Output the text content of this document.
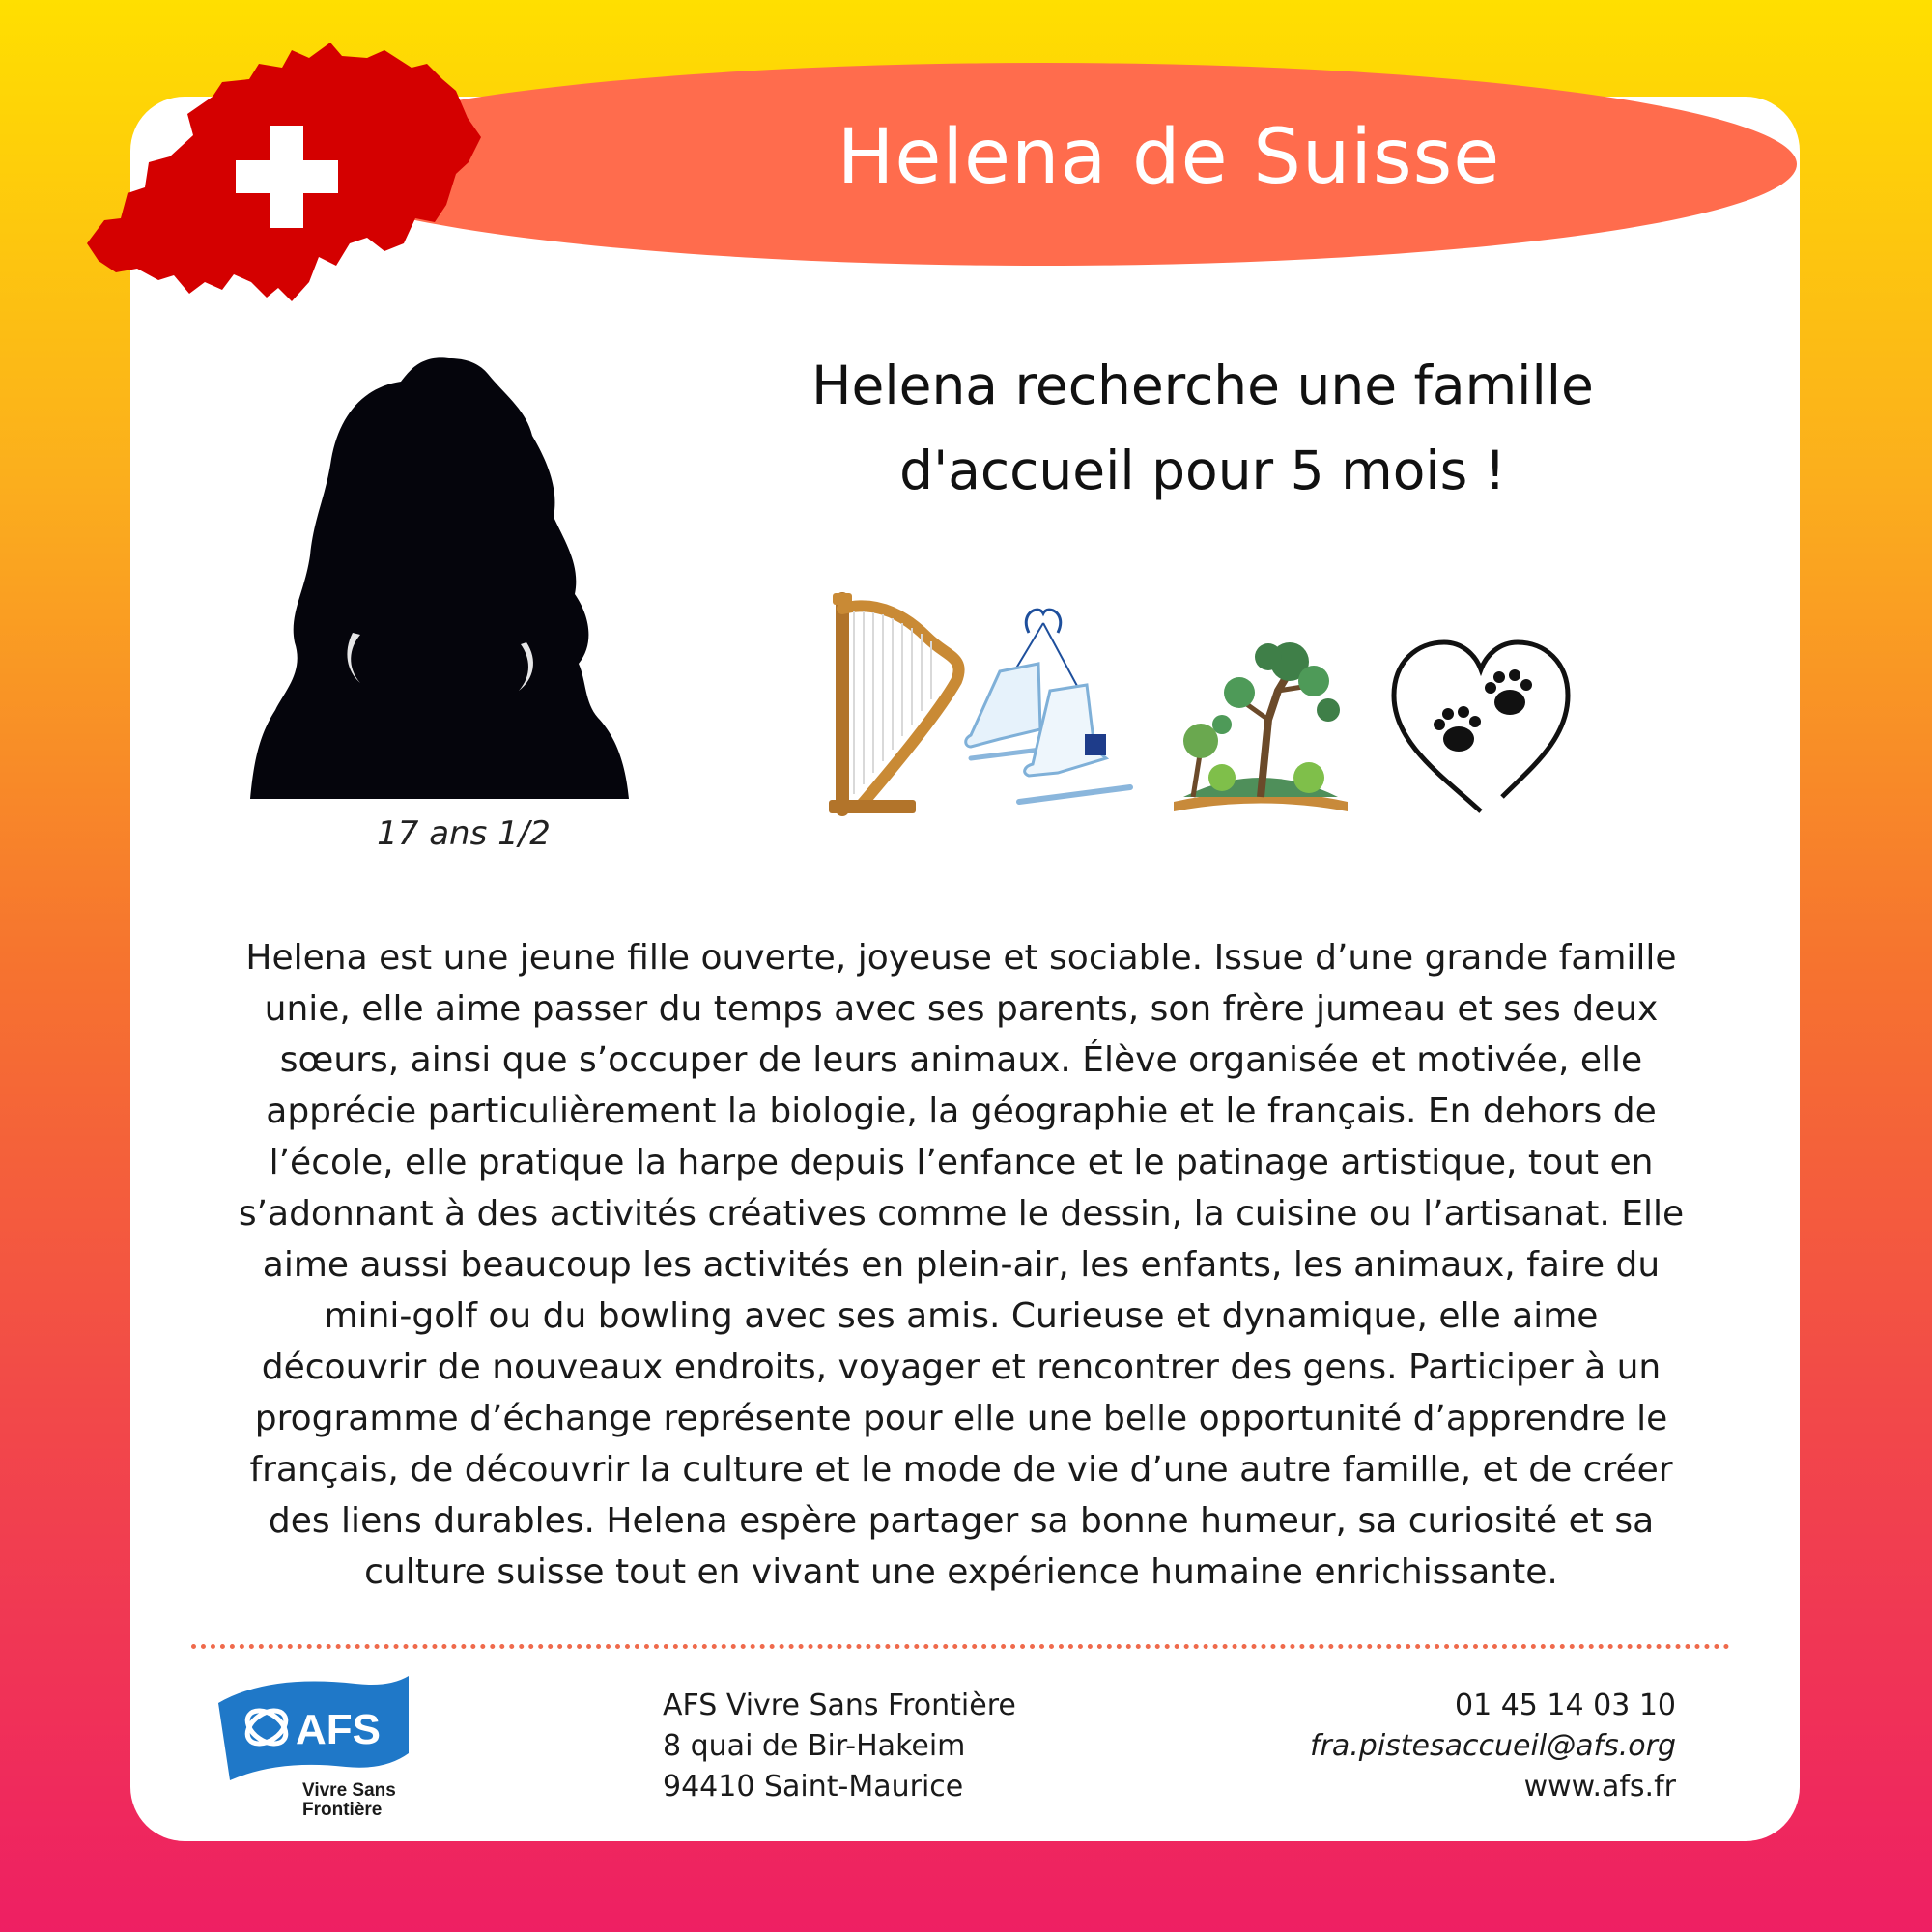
Helena de Suisse
17 ans 1/2
Helena recherche une famille
d'accueil pour 5 mois !
Helena est une jeune fille ouverte, joyeuse et sociable. Issue d’une grande famille
unie, elle aime passer du temps avec ses parents, son frère jumeau et ses deux
sœurs, ainsi que s’occuper de leurs animaux. Élève organisée et motivée, elle
apprécie particulièrement la biologie, la géographie et le français. En dehors de
l’école, elle pratique la harpe depuis l’enfance et le patinage artistique, tout en
s’adonnant à des activités créatives comme le dessin, la cuisine ou l’artisanat. Elle
aime aussi beaucoup les activités en plein-air, les enfants, les animaux, faire du
mini-golf ou du bowling avec ses amis. Curieuse et dynamique, elle aime
découvrir de nouveaux endroits, voyager et rencontrer des gens. Participer à un
programme d’échange représente pour elle une belle opportunité d’apprendre le
français, de découvrir la culture et le mode de vie d’une autre famille, et de créer
des liens durables. Helena espère partager sa bonne humeur, sa curiosité et sa
culture suisse tout en vivant une expérience humaine enrichissante.
AFS
Vivre Sans
Frontière
AFS Vivre Sans Frontière
8 quai de Bir-Hakeim
94410 Saint-Maurice
01 45 14 03 10
fra.pistesaccueil@afs.org
www.afs.fr
